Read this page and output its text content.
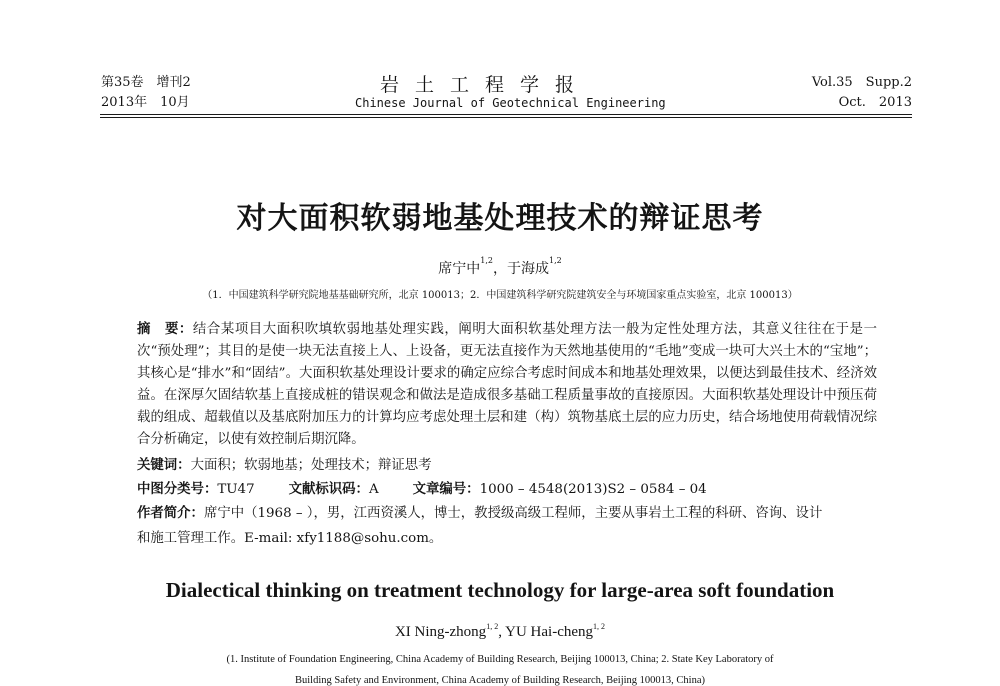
第35卷　增刊2
2013年　10月
岩土工程学报
Chinese Journal of Geotechnical Engineering
Vol.35　Supp.2
Oct.　2013
对大面积软弱地基处理技术的辩证思考
席宁中$^{1,2}$，于海成$^{1,2}$
（1．中国建筑科学研究院地基基础研究所，北京 100013；2．中国建筑科学研究院建筑安全与环境国家重点实验室，北京 100013）
摘　要：结合某项目大面积吹填软弱地基处理实践，阐明大面积软基处理方法一般为定性处理方法，其意义往往在于是一次“预处理”；其目的是使一块无法直接上人、上设备，更无法直接作为天然地基使用的“毛地”变成一块可大兴土木的“宝地”；其核心是“排水”和“固结”。大面积软基处理设计要求的确定应综合考虑时间成本和地基处理效果，以便达到最佳技术、经济效益。在深厚欠固结软基上直接成桩的错误观念和做法是造成很多基础工程质量事故的直接原因。大面积软基处理设计中预压荷载的组成、超载值以及基底附加压力的计算均应考虑处理土层和建（构）筑物基底土层的应力历史，结合场地使用荷载情况综合分析确定，以使有效控制后期沉降。
关键词：大面积；软弱地基；处理技术；辩证思考
中图分类号：TU47	文献标识码：A	文章编号：1000 – 4548(2013)S2 – 0584 – 04
作者简介：席宁中（1968 – ），男，江西资溪人，博士，教授级高级工程师，主要从事岩土工程的科研、咨询、设计
和施工管理工作。E-mail: xfy1188@sohu.com。
Dialectical thinking on treatment technology for large-area soft foundation
XI Ning-zhong$^{1, 2}$, YU Hai-cheng$^{1, 2}$
(1. Institute of Foundation Engineering, China Academy of Building Research, Beijing 100013, China; 2. State Key Laboratory of
Building Safety and Environment, China Academy of Building Research, Beijing 100013, China)
